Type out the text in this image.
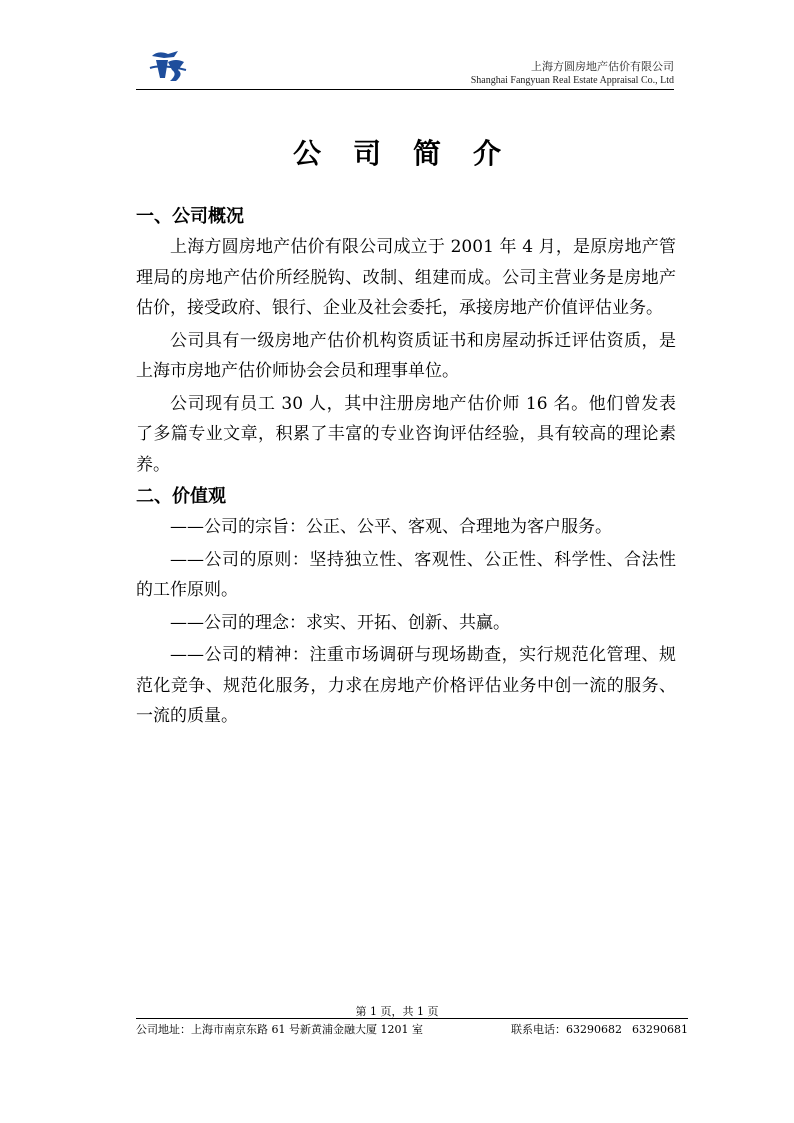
上海方圆房地产估价有限公司
Shanghai Fangyuan Real Estate Appraisal Co., Ltd
公司简介
一、公司概况

上海方圆房地产估价有限公司成立于 2001 年 4 月，是原房地产管理局的房地产估价所经脱钩、改制、组建而成。公司主营业务是房地产估价，接受政府、银行、企业及社会委托，承接房地产价值评估业务。

公司具有一级房地产估价机构资质证书和房屋动拆迁评估资质，是上海市房地产估价师协会会员和理事单位。

公司现有员工 30 人，其中注册房地产估价师 16 名。他们曾发表了多篇专业文章，积累了丰富的专业咨询评估经验，具有较高的理论素养。

二、价值观

——公司的宗旨：公正、公平、客观、合理地为客户服务。

——公司的原则：坚持独立性、客观性、公正性、科学性、合法性的工作原则。

——公司的理念：求实、开拓、创新、共赢。

——公司的精神：注重市场调研与现场勘查，实行规范化管理、规范化竞争、规范化服务，力求在房地产价格评估业务中创一流的服务、一流的质量。

第 1 页，共 1 页
公司地址：上海市南京东路 61 号新黄浦金融大厦 1201 室	联系电话：63290682 63290681
